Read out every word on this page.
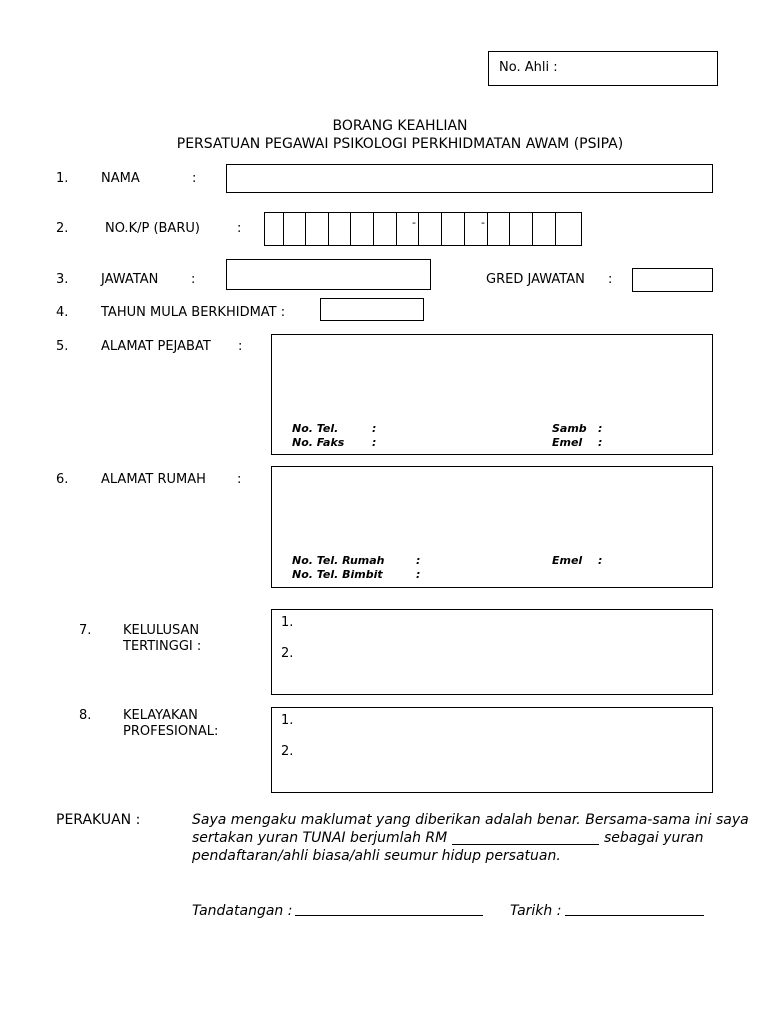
No. Ahli :
BORANG KEAHLIAN
PERSATUAN PEGAWAI PSIKOLOGI PERKHIDMATAN AWAM (PSIPA)
1.	NAMA	:
2.	NO.K/P (BARU)	:	-	-
3.	JAWATAN	:	GRED JAWATAN :
4.	TAHUN MULA BERKHIDMAT :
5.	ALAMAT PEJABAT :
No. Tel.	:
No. Faks	:
Samb :
Emel :
6.	ALAMAT RUMAH :
No. Tel. Rumah	:
No. Tel. Bimbit	:
Emel :
7. KELULUSAN
TERTINGGI :
1.
2.
8. KELAYAKAN
PROFESIONAL:
1.
2.
PERAKUAN :	Saya mengaku maklumat yang diberikan adalah benar. Bersama-sama ini saya
sertakan yuran TUNAI berjumlah RM	sebagai yuran
pendaftaran/ahli biasa/ahli seumur hidup persatuan.
Tandatangan :	Tarikh :
